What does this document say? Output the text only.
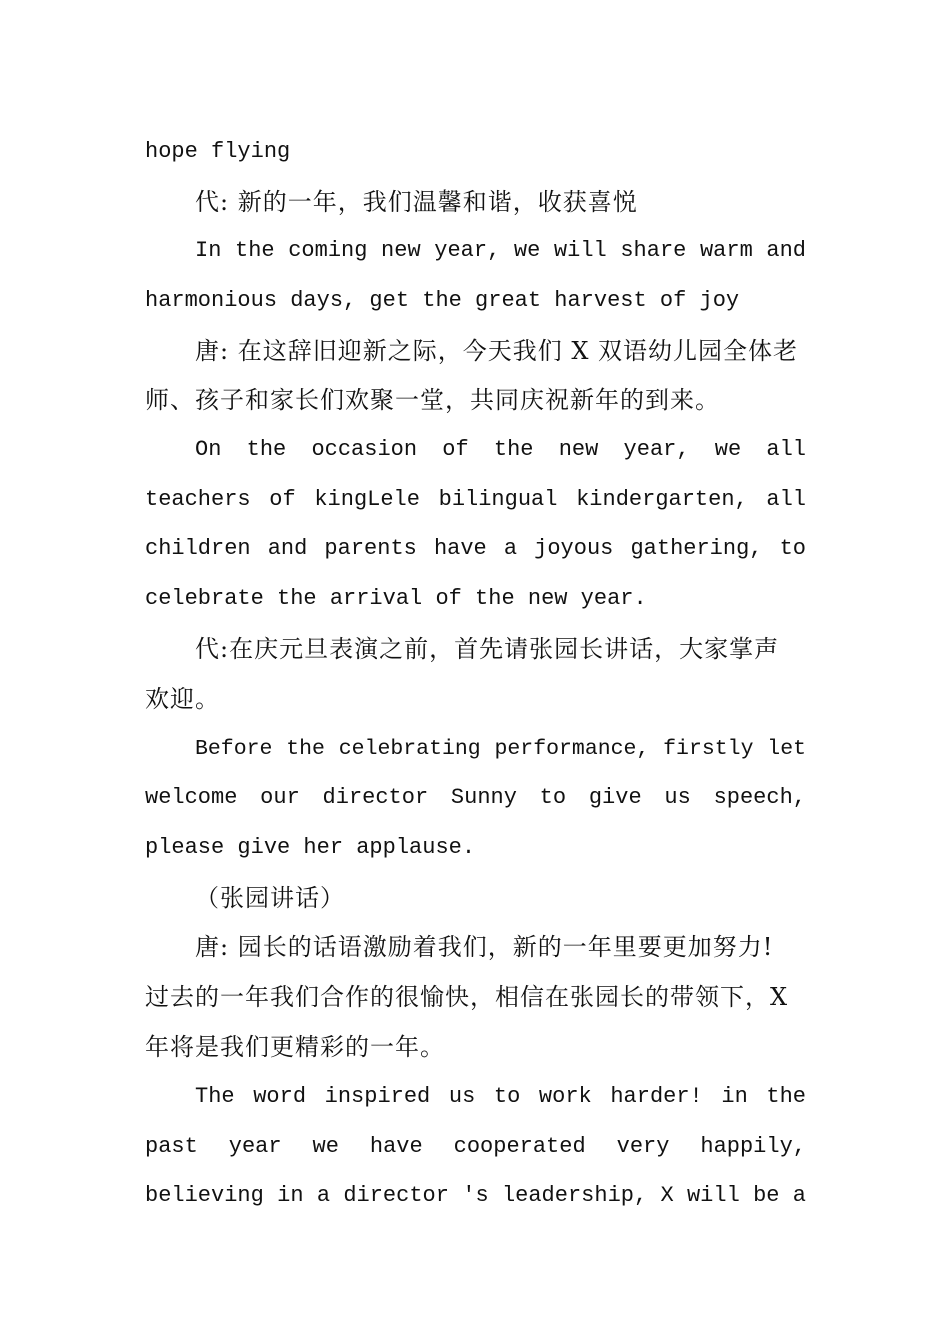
hope flying
代: 新的一年，我们温馨和谐，收获喜悦
In the coming new year, we will share warm and
harmonious days, get the great harvest of joy
唐: 在这辞旧迎新之际，今天我们 X 双语幼儿园全体老
师、孩子和家长们欢聚一堂，共同庆祝新年的到来。
On the occasion of the new year, we all
teachers of kingLele bilingual kindergarten, all
children and parents have a joyous gathering, to
celebrate the arrival of the new year.
代:在庆元旦表演之前，首先请张园长讲话，大家掌声
欢迎。
Before the celebrating performance, firstly let
welcome our director Sunny to give us speech,
please give her applause.
（张园讲话）
唐: 园长的话语激励着我们，新的一年里要更加努力!
过去的一年我们合作的很愉快，相信在张园长的带领下，X
年将是我们更精彩的一年。
The word inspired us to work harder! in the
past year we have cooperated very happily,
believing in a director 's leadership, X will be a
